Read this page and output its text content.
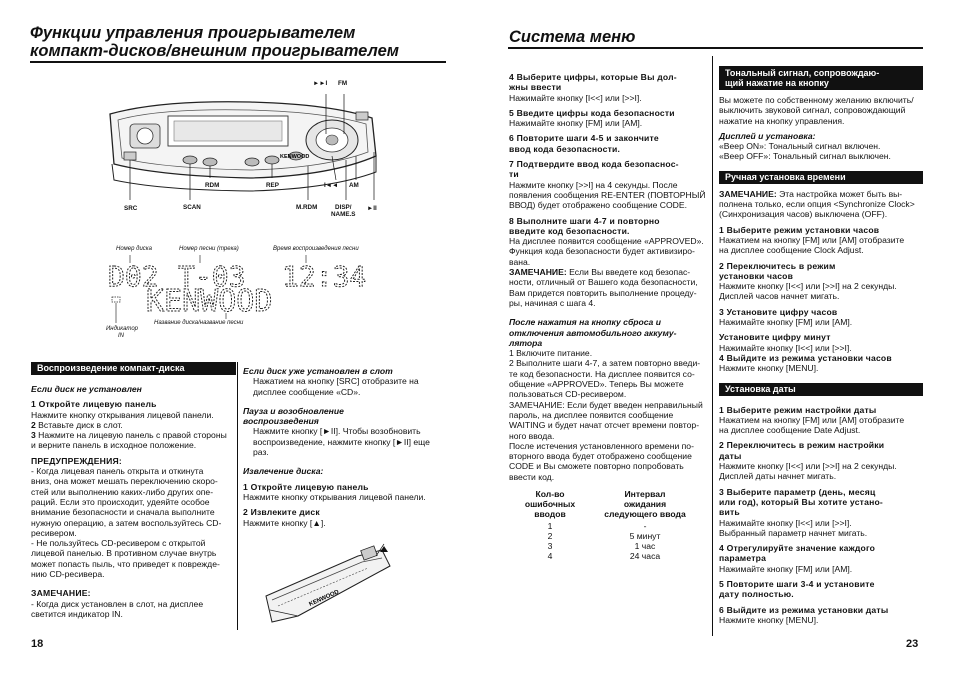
Функции управления проигрывателем
компакт-дисков/внешним проигрывателем
KENWOOD
►►I FM
RDM	REP	I◄◄ AM
SRC	SCAN	M.RDM	DISP/
NAME.S
►II
Номер диска	Номер песни (трека)	Время воспроизведения песни
D02 T-03 12:34
KENWOOD
Индикатор
IN
Название диска/название песни
Воспроизведение компакт-диска

Если диск не установлен

1 Откройте лицевую панель

Нажмите кнопку открывания лицевой панели.

2 Вставьте диск в слот.

3 Нажмите на лицевую панель с правой стороны

и верните панель в исходное положение.

ПРЕДУПРЕЖДЕНИЯ:

- Когда лицевая панель открыта и откинута

вниз, она может мешать переключению скоро-

стей или выполнению каких-либо других опе-

раций. Если это происходит, удеяйте особое

внимание безопасности и сначала выполните

нужную операцию, а затем воспользуйтесь CD-

ресивером.

- Не пользуйтесь CD-ресивером с открытой

лицевой панелью. В противном случае внутрь

может попасть пыль, что приведет к поврежде-

нию CD-ресивера.

ЗАМЕЧАНИЕ:

- Когда диск установлен в слот, на дисплее

светится индикатор IN.

Если диск уже установлен в слот

Нажатием на кнопку [SRC] отобразите на

дисплее сообщение «CD».

Пауза и возобновление

воспроизведения

Нажмите кнопку [►II]. Чтобы возобновить

воспроизведение, нажмите кнопку [►II] еще

раз.

Извлечение диска:

1 Откройте лицевую панель

Нажмите кнопку открывания лицевой панели.

2 Извлеките диск

Нажмите кнопку [▲].

KENWOOD
18
Система меню

4 Выберите цифры, которые Вы дол-

жны ввести

Нажимайте кнопку [I<<] или [>>I].

5 Введите цифры кода безопасности

Нажимайте кнопку [FM] или [AM].

6 Повторите шаги 4-5 и закончите

ввод кода безопасности.

7 Подтвердите ввод кода безопаснос-

ти

Нажмите кнопку [>>I] на 4 секунды. После

появления сообщения RE-ENTER (ПОВТОРНЫЙ

ВВОД) будет отображено сообщение CODE.

8 Выполните шаги 4-7 и повторно

введите код безопасности.

На дисплее появится сообщение «APPROVED».

Функция кода безопасности будет активизиро-

вана.

ЗАМЕЧАНИЕ: Если Вы введете код безопас-

ности, отличный от Вашего кода безопасности,

Вам придется повторить выполнение процеду-

ры, начиная с шага 4.

После нажатия на кнопку сброса и

отключения автомобильного аккуму-

лятора

1 Включите питание.

2 Выполните шаги 4-7, а затем повторно введи-

те код безопасности. На дисплее появится со-

общение «APPROVED». Теперь Вы можете

пользоваться CD-ресивером.

ЗАМЕЧАНИЕ: Если будет введен неправильный

пароль, на дисплее появится сообщение

WAITING и будет начат отсчет времени повтор-

ного ввода.

После истечения установленного времени по-

вторного ввода будет отображено сообщение

CODE и Вы сможете повторно попробовать

ввести код.

Кол-во
ошибочных
вводов	Интервал
ожидания
следующего ввода
1	-
2	5 минут
3	1 час
4	24 часа
Тональный сигнал, сопровождаю-
щий нажатие на кнопку

Вы можете по собственному желанию включить/

выключить звуковой сигнал, сопровождающий

нажатие на кнопку управления.

Дисплей и установка:

«Beep ON»: Тональный сигнал включен.

«Beep OFF»: Тональный сигнал выключен.

Ручная установка времени

ЗАМЕЧАНИЕ: Эта настройка может быть вы-

полнена только, если опция <Synchronize Clock>

(Синхронизация часов) выключена (OFF).

1 Выберите режим установки часов

Нажатием на кнопку [FM] или [AM] отобразите

на дисплее сообщение Clock Adjust.

2 Переключитесь в режим

установки часов

Нажмите кнопку [I<<] или [>>I] на 2 секунды.

Дисплей часов начнет мигать.

3 Установите цифру часов

Нажимайте кнопку [FM] или [AM].

Установите цифру минут

Нажимайте кнопку [I<<] или [>>I].

4 Выйдите из режима установки часов

Нажмите кнопку [MENU].

Установка даты

1 Выберите режим настройки даты

Нажатием на кнопку [FM] или [AM] отобразите

на дисплее сообщение Date Adjust.

2 Переключитесь в режим настройки

даты

Нажмите кнопку [I<<] или [>>I] на 2 секунды.

Дисплей даты начнет мигать.

3 Выберите параметр (день, месяц

или год), который Вы хотите устано-

вить

Нажимайте кнопку [I<<] или [>>I].

Выбранный параметр начнет мигать.

4 Отрегулируйте значение каждого

параметра

Нажимайте кнопку [FM] или [AM].

5 Повторите шаги 3-4 и установите

дату полностью.

6 Выйдите из режима установки даты

Нажмите кнопку [MENU].

23
